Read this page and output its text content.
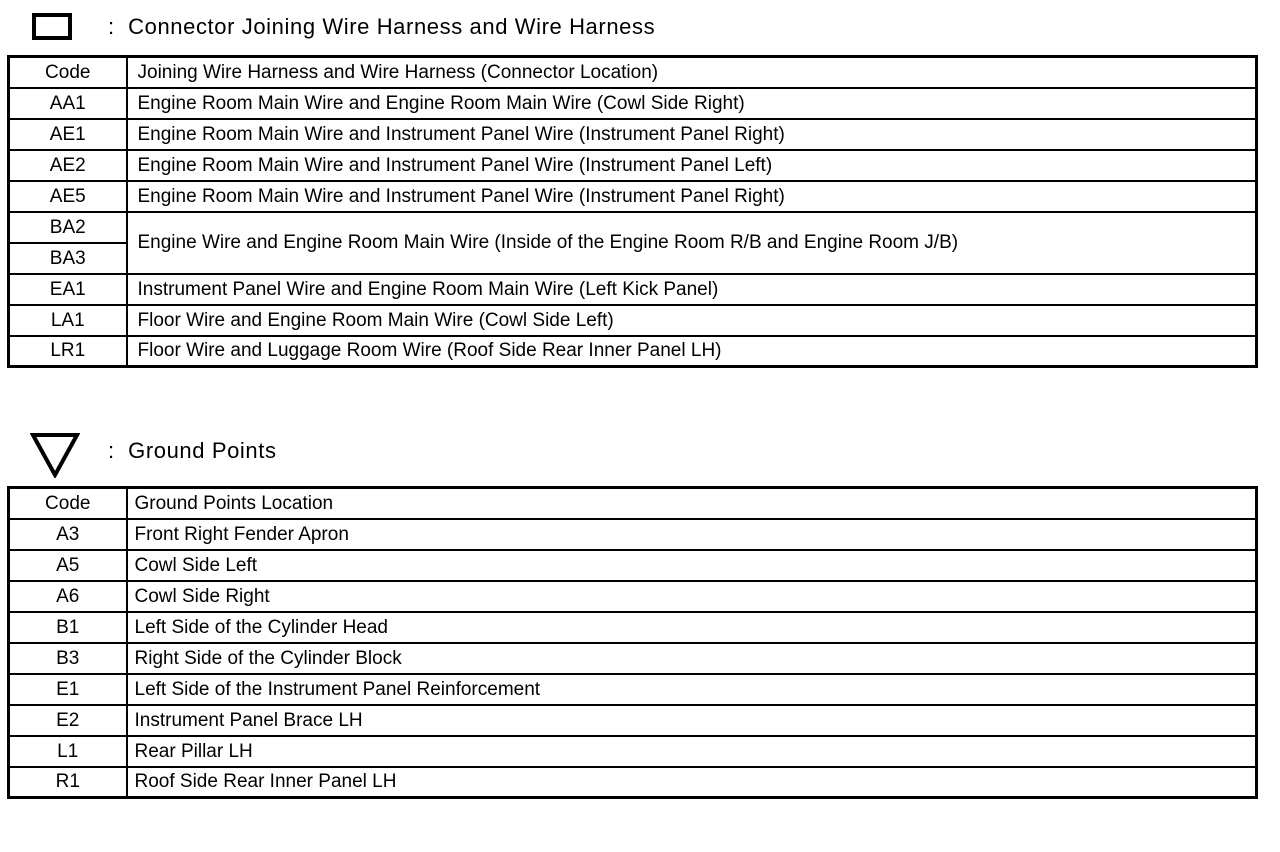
: Connector Joining Wire Harness and Wire Harness
Code	Joining Wire Harness and Wire Harness (Connector Location)
AA1	Engine Room Main Wire and Engine Room Main Wire (Cowl Side Right)
AE1	Engine Room Main Wire and Instrument Panel Wire (Instrument Panel Right)
AE2	Engine Room Main Wire and Instrument Panel Wire (Instrument Panel Left)
AE5	Engine Room Main Wire and Instrument Panel Wire (Instrument Panel Right)
BA2	Engine Wire and Engine Room Main Wire (Inside of the Engine Room R/B and Engine Room J/B)
BA3	
EA1	Instrument Panel Wire and Engine Room Main Wire (Left Kick Panel)
LA1	Floor Wire and Engine Room Main Wire (Cowl Side Left)
LR1	Floor Wire and Luggage Room Wire (Roof Side Rear Inner Panel LH)
: Ground Points
Code	Ground Points Location
A3	Front Right Fender Apron
A5	Cowl Side Left
A6	Cowl Side Right
B1	Left Side of the Cylinder Head
B3	Right Side of the Cylinder Block
E1	Left Side of the Instrument Panel Reinforcement
E2	Instrument Panel Brace LH
L1	Rear Pillar LH
R1	Roof Side Rear Inner Panel LH
